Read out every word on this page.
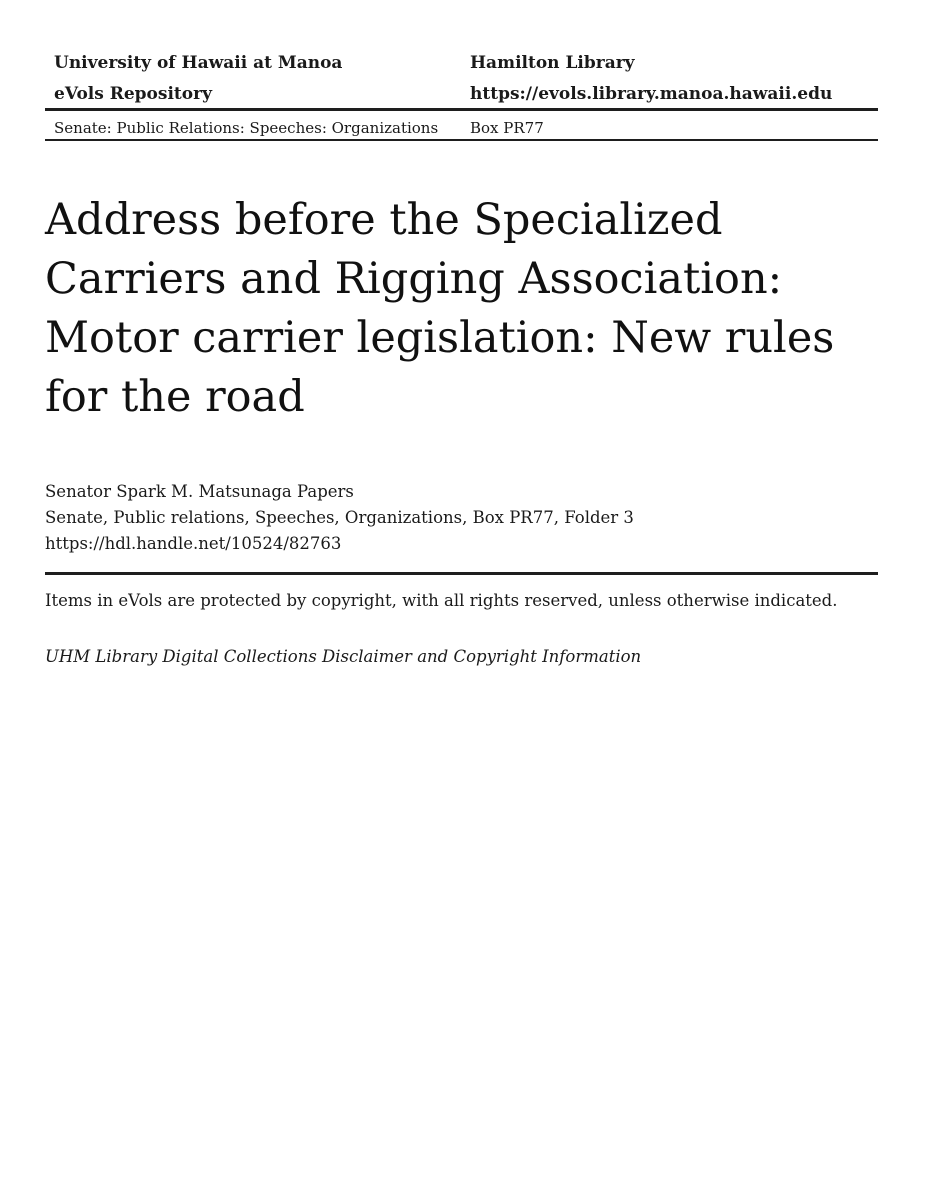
University of Hawaii at Manoa
eVols Repository
Hamilton Library
https://evols.library.manoa.hawaii.edu
Senate: Public Relations: Speeches: Organizations	Box PR77
Address before the Specialized
Carriers and Rigging Association:
Motor carrier legislation: New rules
for the road
Senator Spark M. Matsunaga Papers
Senate, Public relations, Speeches, Organizations, Box PR77, Folder 3
https://hdl.handle.net/10524/82763
Items in eVols are protected by copyright, with all rights reserved, unless otherwise indicated.
UHM Library Digital Collections Disclaimer and Copyright Information
